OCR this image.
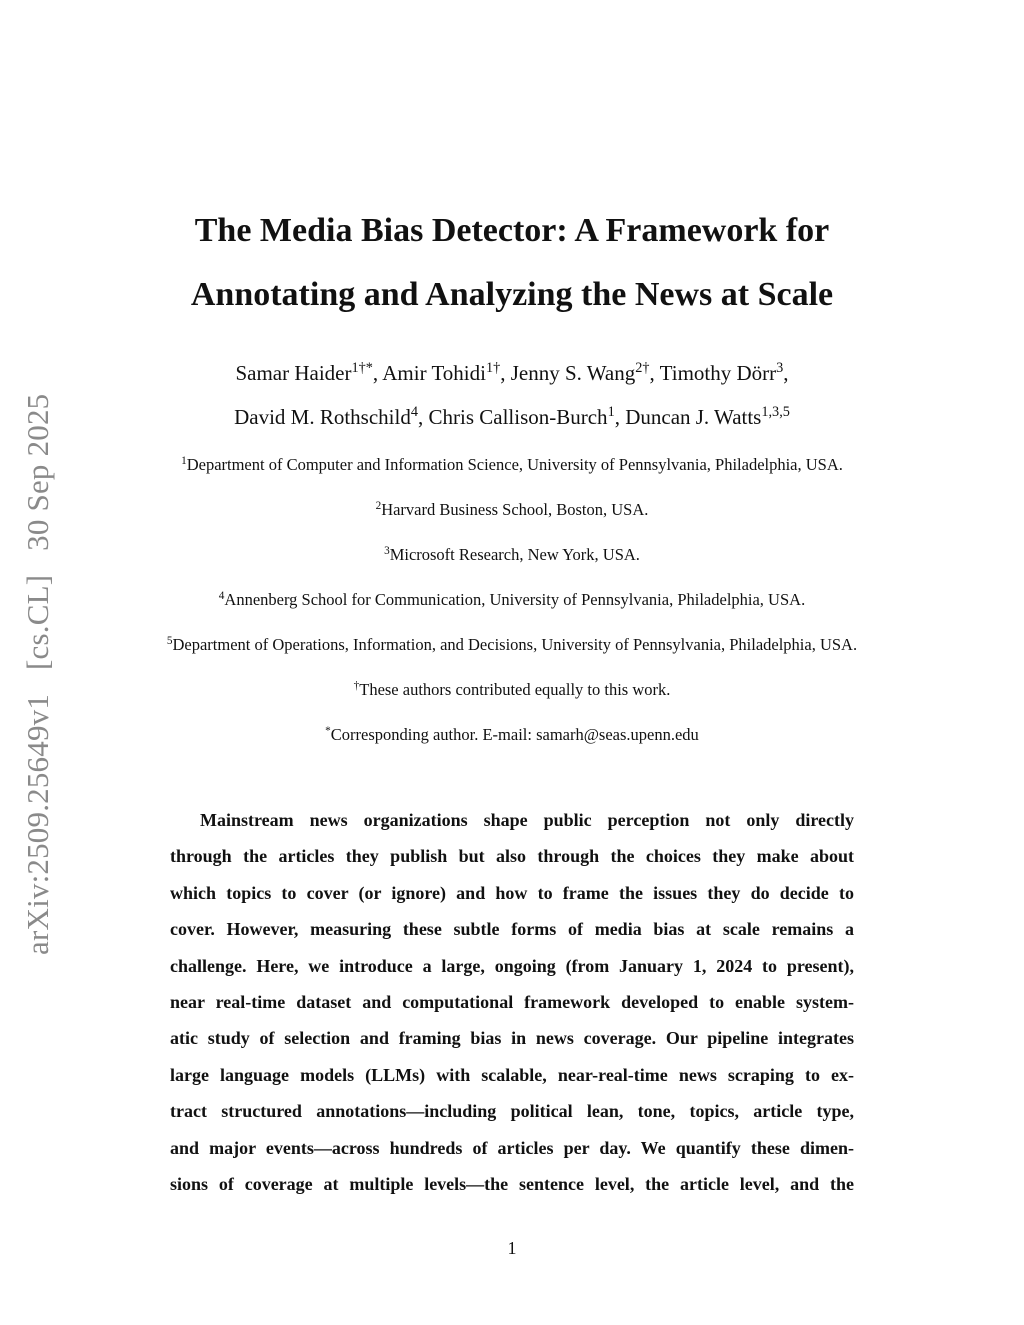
arXiv:2509.25649v1 [cs.CL] 30 Sep 2025
The Media Bias Detector: A Framework for
Annotating and Analyzing the News at Scale
Samar Haider$^{1\dagger*}$, Amir Tohidi$^{1\dagger}$, Jenny S. Wang$^{2\dagger}$, Timothy Dörr$^3$,
David M. Rothschild$^4$, Chris Callison-Burch$^1$, Duncan J. Watts$^{1,3,5}$
$^1$Department of Computer and Information Science, University of Pennsylvania, Philadelphia, USA.
$^2$Harvard Business School, Boston, USA.
$^3$Microsoft Research, New York, USA.
$^4$Annenberg School for Communication, University of Pennsylvania, Philadelphia, USA.
$^5$Department of Operations, Information, and Decisions, University of Pennsylvania, Philadelphia, USA.
†These authors contributed equally to this work.
*Corresponding author. E-mail: samarh@seas.upenn.edu
Mainstream news organizations shape public perception not only directly
through the articles they publish but also through the choices they make about
which topics to cover (or ignore) and how to frame the issues they do decide to
cover. However, measuring these subtle forms of media bias at scale remains a
challenge. Here, we introduce a large, ongoing (from January 1, 2024 to present),
near real-time dataset and computational framework developed to enable system-
atic study of selection and framing bias in news coverage. Our pipeline integrates
large language models (LLMs) with scalable, near-real-time news scraping to ex-
tract structured annotations—including political lean, tone, topics, article type,
and major events—across hundreds of articles per day. We quantify these dimen-
sions of coverage at multiple levels—the sentence level, the article level, and the
1
